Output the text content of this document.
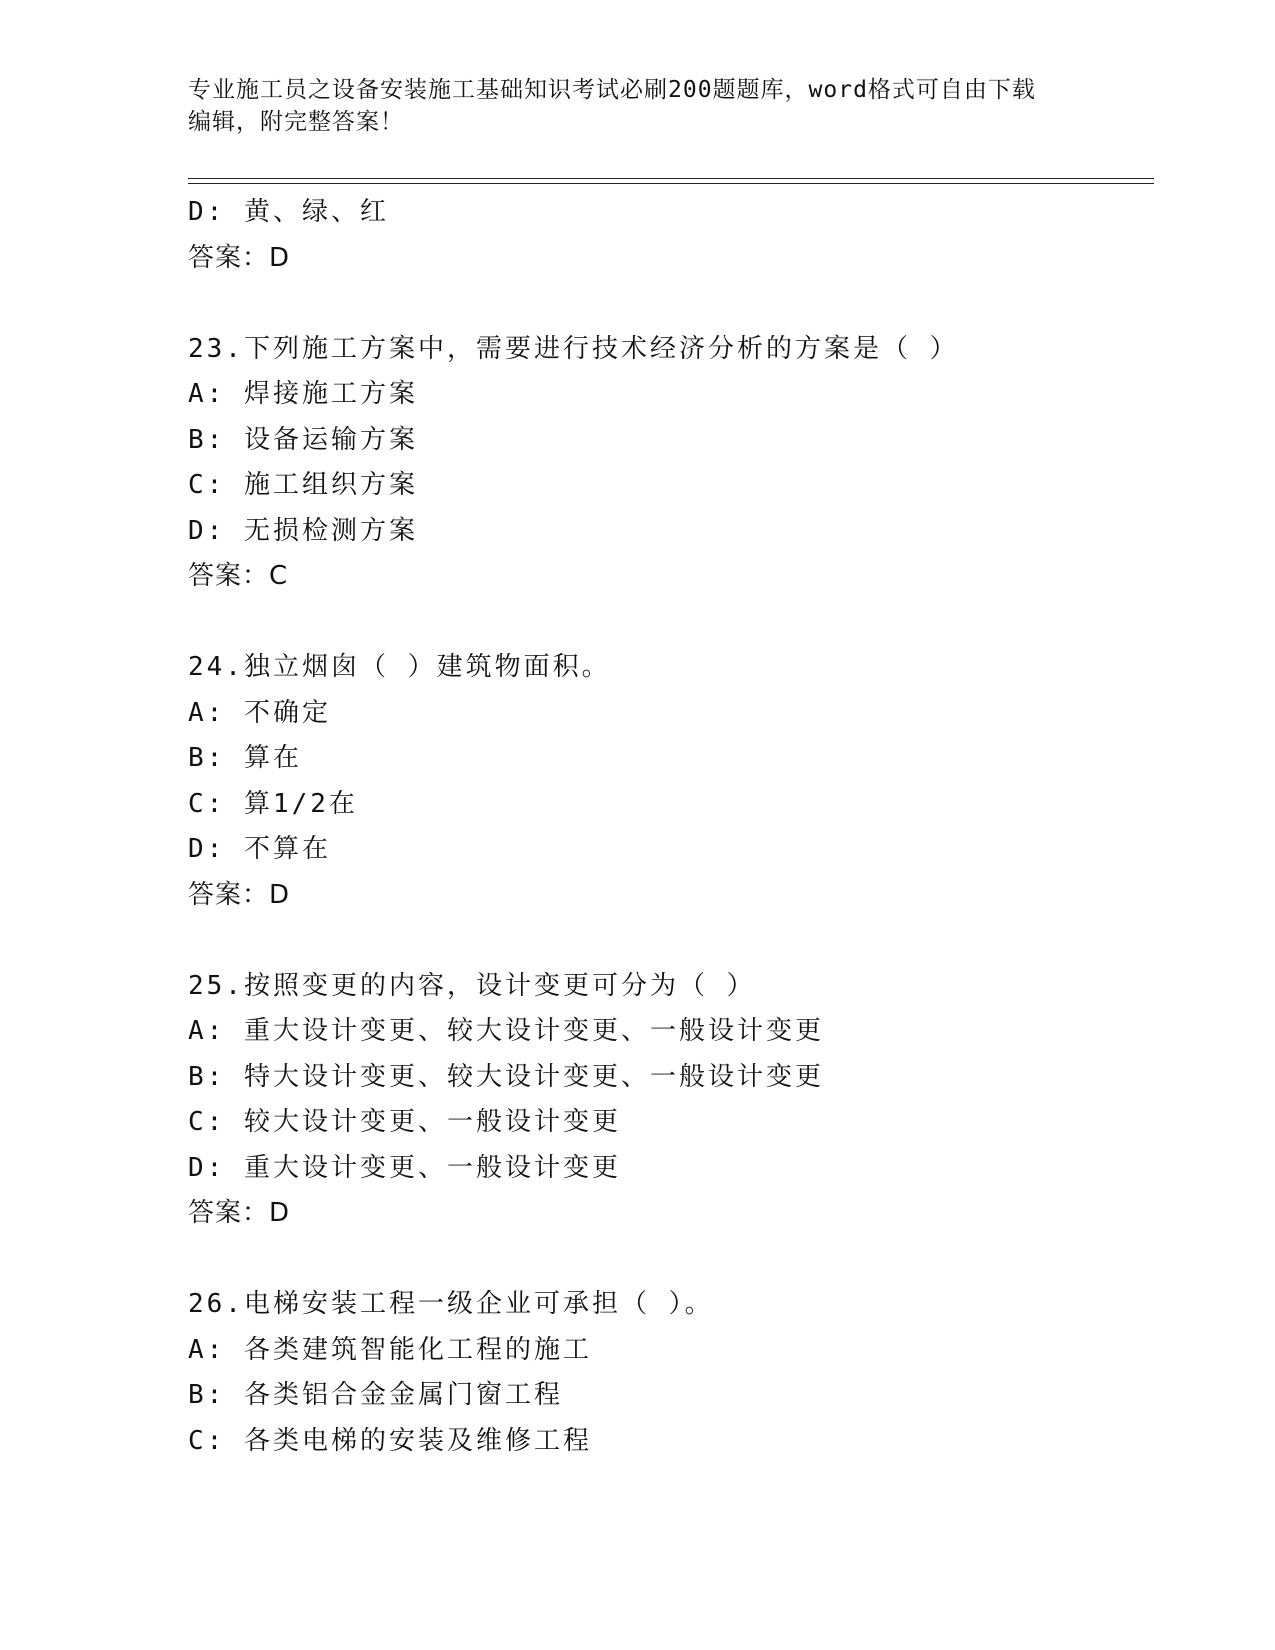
专业施工员之设备安装施工基础知识考试必刷200题题库，word格式可自由下载
编辑，附完整答案！
D: 黄、绿、红
答案：D
23.下列施工方案中，需要进行技术经济分析的方案是（ ）
A: 焊接施工方案
B: 设备运输方案
C: 施工组织方案
D: 无损检测方案
答案：C
24.独立烟囱（ ）建筑物面积。
A: 不确定
B: 算在
C: 算1/2在
D: 不算在
答案：D
25.按照变更的内容，设计变更可分为（ ）
A: 重大设计变更、较大设计变更、一般设计变更
B: 特大设计变更、较大设计变更、一般设计变更
C: 较大设计变更、一般设计变更
D: 重大设计变更、一般设计变更
答案：D
26.电梯安装工程一级企业可承担（ ）。
A: 各类建筑智能化工程的施工
B: 各类铝合金金属门窗工程
C: 各类电梯的安装及维修工程
